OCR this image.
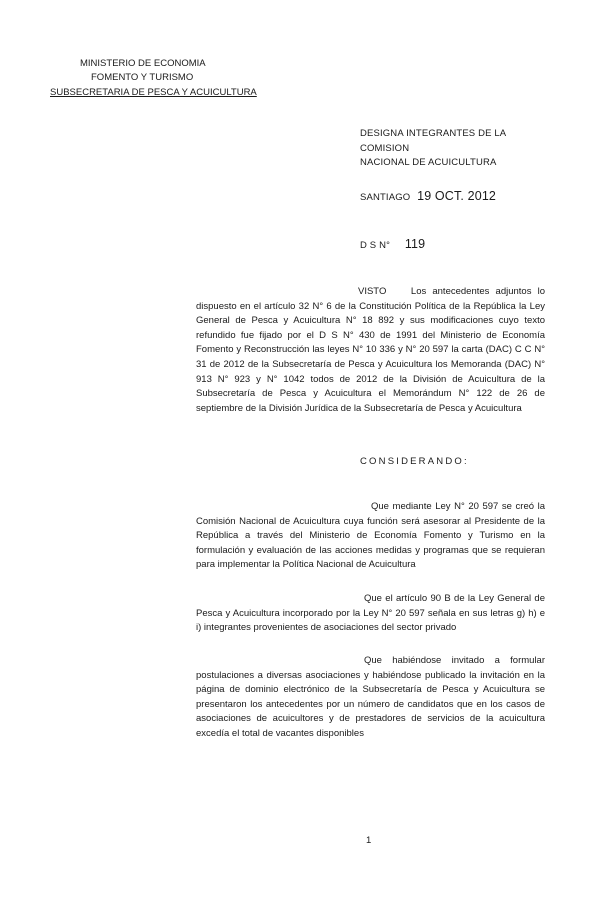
MINISTERIO DE ECONOMIA
FOMENTO Y TURISMO
SUBSECRETARIA DE PESCA Y ACUICULTURA
DESIGNA INTEGRANTES DE LA COMISION
NACIONAL DE ACUICULTURA
SANTIAGO 19 OCT. 2012
D S N° 119
VISTO	Los antecedentes adjuntos lo dispuesto en el artículo 32 N° 6 de la Constitución Política de la República la Ley General de Pesca y Acuicultura N° 18 892 y sus modificaciones cuyo texto refundido fue fijado por el D S N° 430 de 1991 del Ministerio de Economía Fomento y Reconstrucción las leyes N° 10 336 y N° 20 597 la carta (DAC) C C N° 31 de 2012 de la Subsecretaría de Pesca y Acuicultura los Memoranda (DAC) N° 913 N° 923 y N° 1042 todos de 2012 de la División de Acuicultura de la Subsecretaría de Pesca y Acuicultura el Memorándum N° 122 de 26 de septiembre de la División Jurídica de la Subsecretaría de Pesca y Acuicultura
CONSIDERANDO:
Que mediante Ley N° 20 597 se creó la Comisión Nacional de Acuicultura cuya función será asesorar al Presidente de la República a través del Ministerio de Economía Fomento y Turismo en la formulación y evaluación de las acciones medidas y programas que se requieran para implementar la Política Nacional de Acuicultura
Que el artículo 90 B de la Ley General de Pesca y Acuicultura incorporado por la Ley N° 20 597 señala en sus letras g) h) e i) integrantes provenientes de asociaciones del sector privado
Que habiéndose invitado a formular postulaciones a diversas asociaciones y habiéndose publicado la invitación en la página de dominio electrónico de la Subsecretaría de Pesca y Acuicultura se presentaron los antecedentes por un número de candidatos que en los casos de asociaciones de acuicultores y de prestadores de servicios de la acuicultura excedía el total de vacantes disponibles
1
